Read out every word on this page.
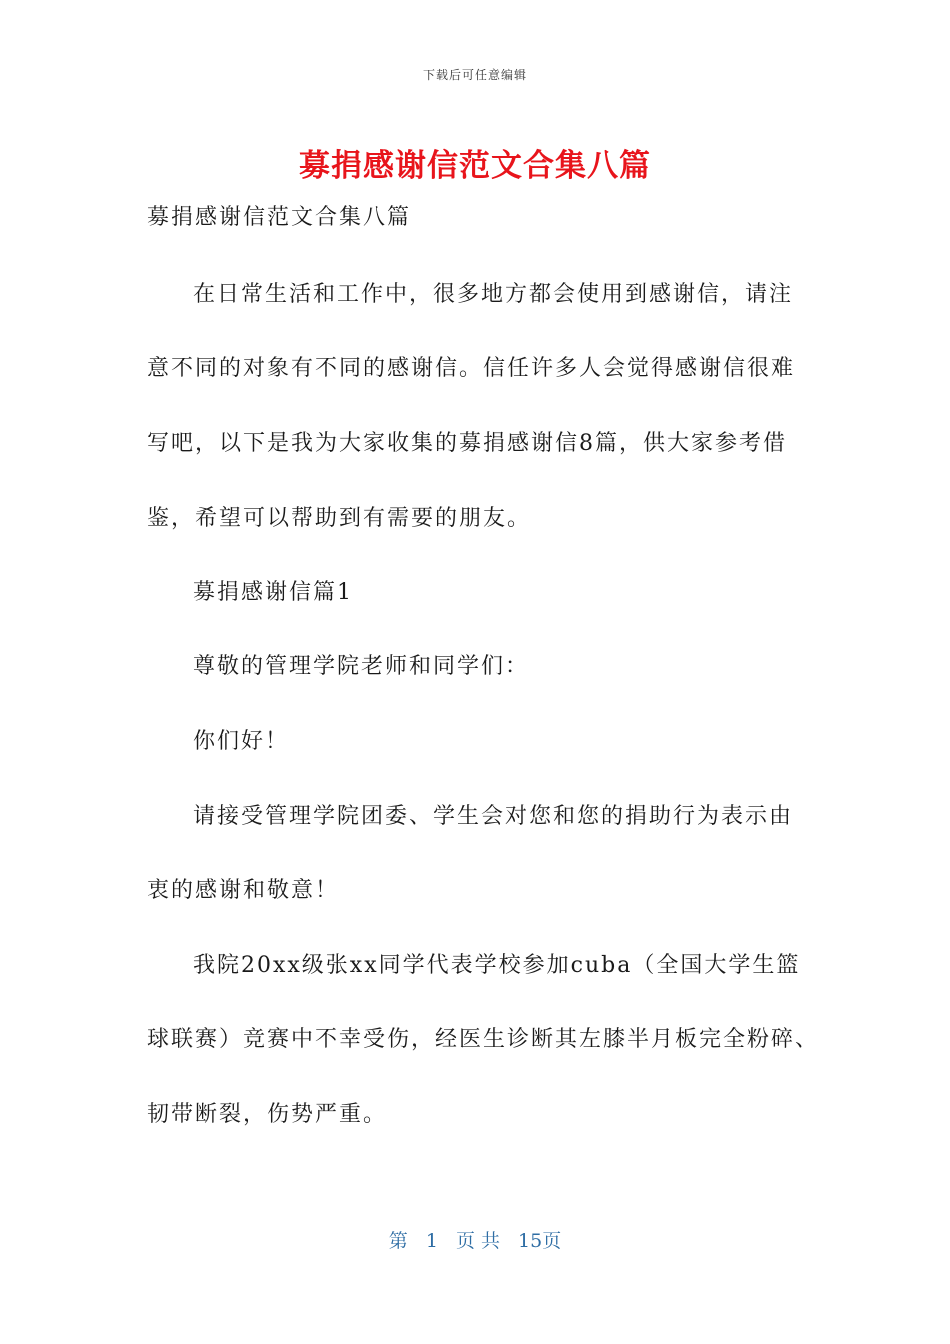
下载后可任意编辑
募捐感谢信范文合集八篇
募捐感谢信范文合集八篇
在日常生活和工作中，很多地方都会使用到感谢信，请注
意不同的对象有不同的感谢信。信任许多人会觉得感谢信很难
写吧，以下是我为大家收集的募捐感谢信8篇，供大家参考借
鉴，希望可以帮助到有需要的朋友。
募捐感谢信篇1
尊敬的管理学院老师和同学们：
你们好！
请接受管理学院团委、学生会对您和您的捐助行为表示由
衷的感谢和敬意！
我院20xx级张xx同学代表学校参加cuba（全国大学生篮
球联赛）竞赛中不幸受伤，经医生诊断其左膝半月板完全粉碎、
韧带断裂，伤势严重。
第 1 页 共 15页
